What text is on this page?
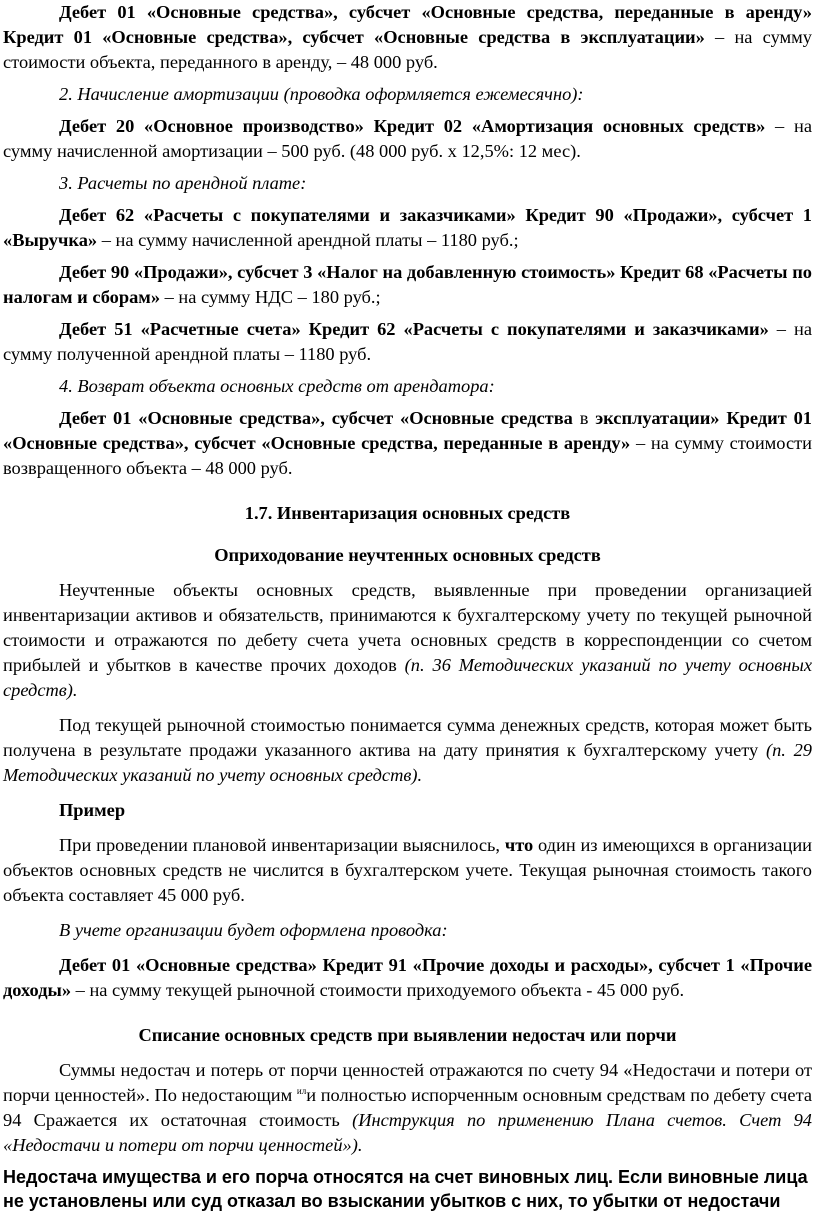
Дебет 01 «Основные средства», субсчет «Основные средства, переданные в аренду» Кредит 01 «Основные средства», субсчет «Основные средства в эксплуатации» – на сумму стоимости объекта, переданного в аренду, – 48 000 руб.

2. Начисление амортизации (проводка оформляется ежемесячно):

Дебет 20 «Основное производство» Кредит 02 «Амортизация основных средств» – на сумму начисленной амортизации – 500 руб. (48 000 руб. х 12,5%: 12 мес).

3. Расчеты по арендной плате:

Дебет 62 «Расчеты с покупателями и заказчиками» Кредит 90 «Продажи», субсчет 1 «Выручка» – на сумму начисленной арендной платы – 1180 руб.;

Дебет 90 «Продажи», субсчет 3 «Налог на добавленную стоимость» Кредит 68 «Расчеты по налогам и сборам» – на сумму НДС – 180 руб.;

Дебет 51 «Расчетные счета» Кредит 62 «Расчеты с покупателями и заказчиками» – на сумму полученной арендной платы – 1180 руб.

4. Возврат объекта основных средств от арендатора:

Дебет 01 «Основные средства», субсчет «Основные средства в эксплуатации» Кредит 01 «Основные средства», субсчет «Основные средства, переданные в аренду» – на сумму стоимости возвращенного объекта – 48 000 руб.

1.7. Инвентаризация основных средств

Оприходование неучтенных основных средств

Неучтенные объекты основных средств, выявленные при проведении организацией инвентаризации активов и обязательств, принимаются к бухгалтерскому учету по текущей рыночной стоимости и отражаются по дебету счета учета основных средств в корреспонденции со счетом прибылей и убытков в качестве прочих доходов (п. 36 Методических указаний по учету основных средств).

Под текущей рыночной стоимостью понимается сумма денежных средств, которая может быть получена в результате продажи указанного актива на дату принятия к бухгалтерскому учету (п. 29 Методических указаний по учету основных средств).

Пример

При проведении плановой инвентаризации выяснилось, что один из имеющихся в организации объектов основных средств не числится в бухгалтерском учете. Текущая рыночная стоимость такого объекта составляет 45 000 руб.

В учете организации будет оформлена проводка:

Дебет 01 «Основные средства» Кредит 91 «Прочие доходы и расходы», субсчет 1 «Прочие доходы» – на сумму текущей рыночной стоимости приходуемого объекта - 45 000 руб.

Списание основных средств при выявлении недостач или порчи

Суммы недостач и потерь от порчи ценностей отражаются по счету 94 «Недостачи и потери от порчи ценностей». По недостающим $^{ил}$и полностью испорченным основным средствам по дебету счета 94 Сражается их остаточная стоимость (Инструкция по применению Плана счетов. Счет 94 «Недостачи и потери от порчи ценностей»).

Недостача имущества и его порча относятся на счет виновных лиц. Если виновные лица не установлены или суд отказал во взыскании убытков с них, то убытки от недостачи
